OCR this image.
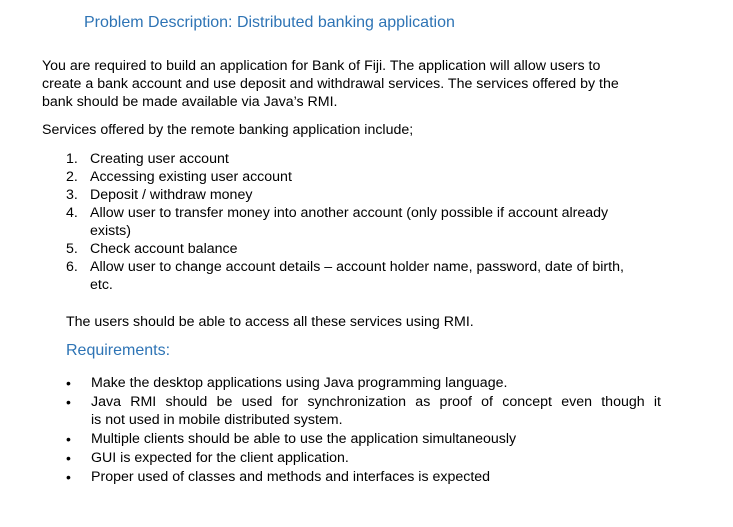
Problem Description: Distributed banking application
You are required to build an application for Bank of Fiji. The application will allow users to
create a bank account and use deposit and withdrawal services. The services offered by the
bank should be made available via Java’s RMI.
Services offered by the remote banking application include;
1. Creating user account
2. Accessing existing user account
3. Deposit / withdraw money
4. Allow user to transfer money into another account (only possible if account already
exists)
5. Check account balance
6. Allow user to change account details – account holder name, password, date of birth,
etc.
The users should be able to access all these services using RMI.
Requirements:
•	Make the desktop applications using Java programming language.
•	Java RMI should be used for synchronization as proof of concept even though it
is not used in mobile distributed system.
•	Multiple clients should be able to use the application simultaneously
•	GUI is expected for the client application.
•	Proper used of classes and methods and interfaces is expected
